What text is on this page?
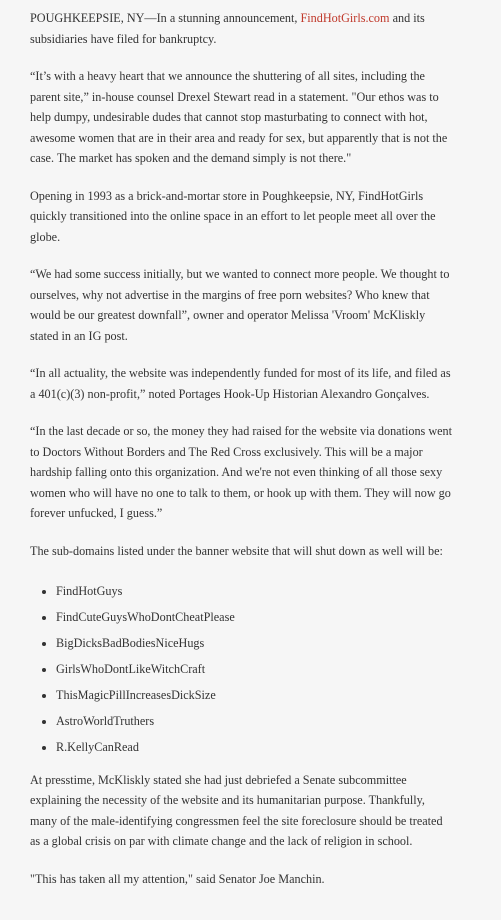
POUGHKEEPSIE, NY—In a stunning announcement, FindHotGirls.com and its subsidiaries have filed for bankruptcy.

“It’s with a heavy heart that we announce the shuttering of all sites, including the parent site,” in-house counsel Drexel Stewart read in a statement. "Our ethos was to help dumpy, undesirable dudes that cannot stop masturbating to connect with hot, awesome women that are in their area and ready for sex, but apparently that is not the case. The market has spoken and the demand simply is not there."

Opening in 1993 as a brick-and-mortar store in Poughkeepsie, NY, FindHotGirls quickly transitioned into the online space in an effort to let people meet all over the globe.

“We had some success initially, but we wanted to connect more people. We thought to ourselves, why not advertise in the margins of free porn websites? Who knew that would be our greatest downfall”, owner and operator Melissa 'Vroom' McKliskly stated in an IG post.

“In all actuality, the website was independently funded for most of its life, and filed as a 401(c)(3) non-profit,” noted Portages Hook-Up Historian Alexandro Gonçalves.

“In the last decade or so, the money they had raised for the website via donations went to Doctors Without Borders and The Red Cross exclusively. This will be a major hardship falling onto this organization. And we're not even thinking of all those sexy women who will have no one to talk to them, or hook up with them. They will now go forever unfucked, I guess.”

The sub-domains listed under the banner website that will shut down as well will be:

• FindHotGuys
• FindCuteGuysWhoDontCheatPlease
• BigDicksBadBodiesNiceHugs
• GirlsWhoDontLikeWitchCraft
• ThisMagicPillIncreasesDickSize
• AstroWorldTruthers
• R.KellyCanRead

At presstime, McKliskly stated she had just debriefed a Senate subcommittee explaining the necessity of the website and its humanitarian purpose. Thankfully, many of the male-identifying congressmen feel the site foreclosure should be treated as a global crisis on par with climate change and the lack of religion in school.

"This has taken all my attention," said Senator Joe Manchin.
